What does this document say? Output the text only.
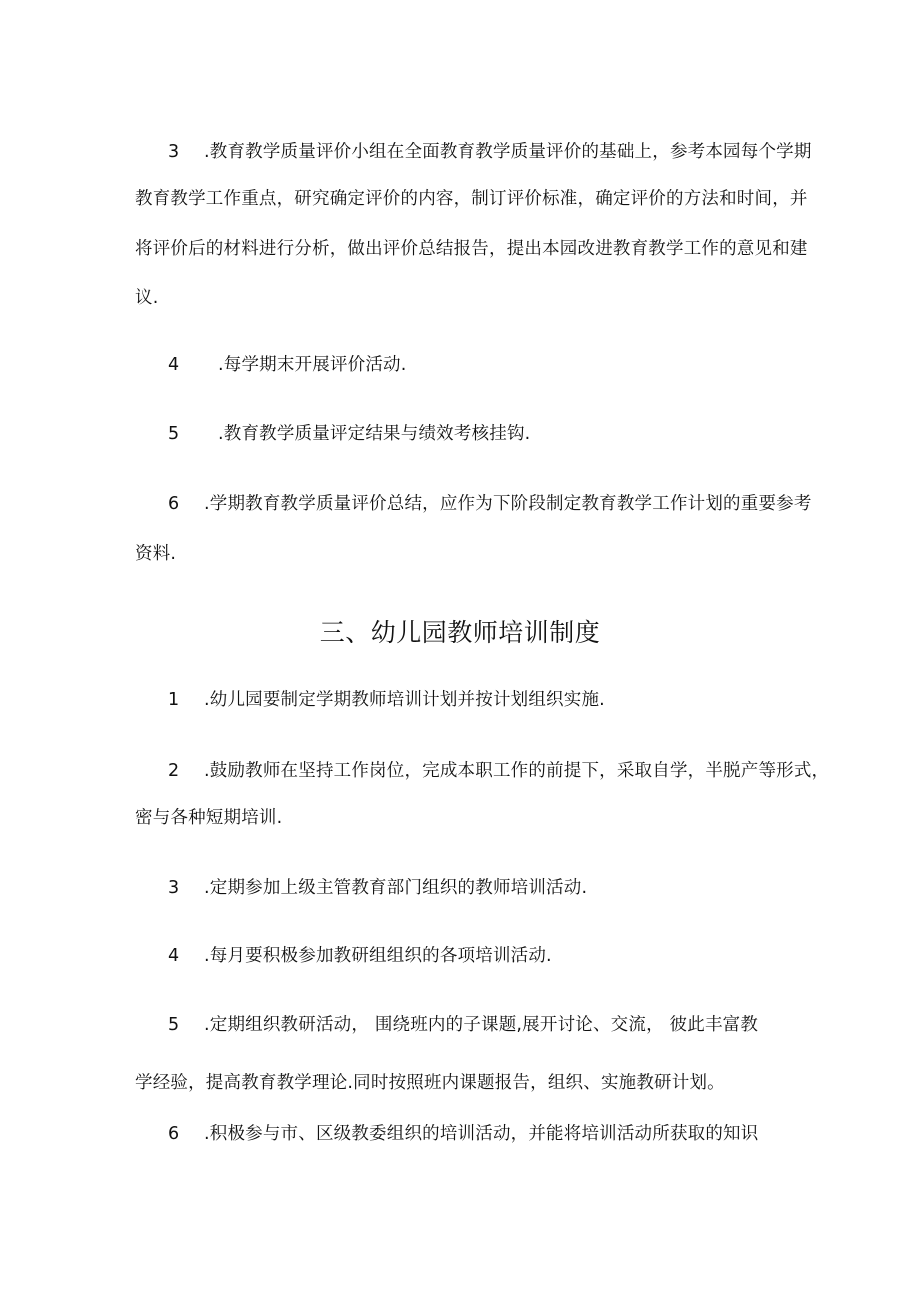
3 .教育教学质量评价小组在全面教育教学质量评价的基础上，参考本园每个学期
教育教学工作重点，研究确定评价的内容，制订评价标准，确定评价的方法和时间，并
将评价后的材料进行分析，做出评价总结报告，提出本园改进教育教学工作的意见和建
议.
4 .每学期末开展评价活动.
5 .教育教学质量评定结果与绩效考核挂钩.
6 .学期教育教学质量评价总结，应作为下阶段制定教育教学工作计划的重要参考
资料.
三、幼儿园教师培训制度
1 .幼儿园要制定学期教师培训计划并按计划组织实施.
2 .鼓励教师在坚持工作岗位，完成本职工作的前提下，采取自学，半脱产等形式，
密与各种短期培训.
3 .定期参加上级主管教育部门组织的教师培训活动.
4 .每月要积极参加教研组组织的各项培训活动.
5 .定期组织教研活动， 围绕班内的子课题,展开讨论、交流， 彼此丰富教
学经验，提高教育教学理论.同时按照班内课题报告，组织、实施教研计划。
6 .积极参与市、区级教委组织的培训活动，并能将培训活动所获取的知识
